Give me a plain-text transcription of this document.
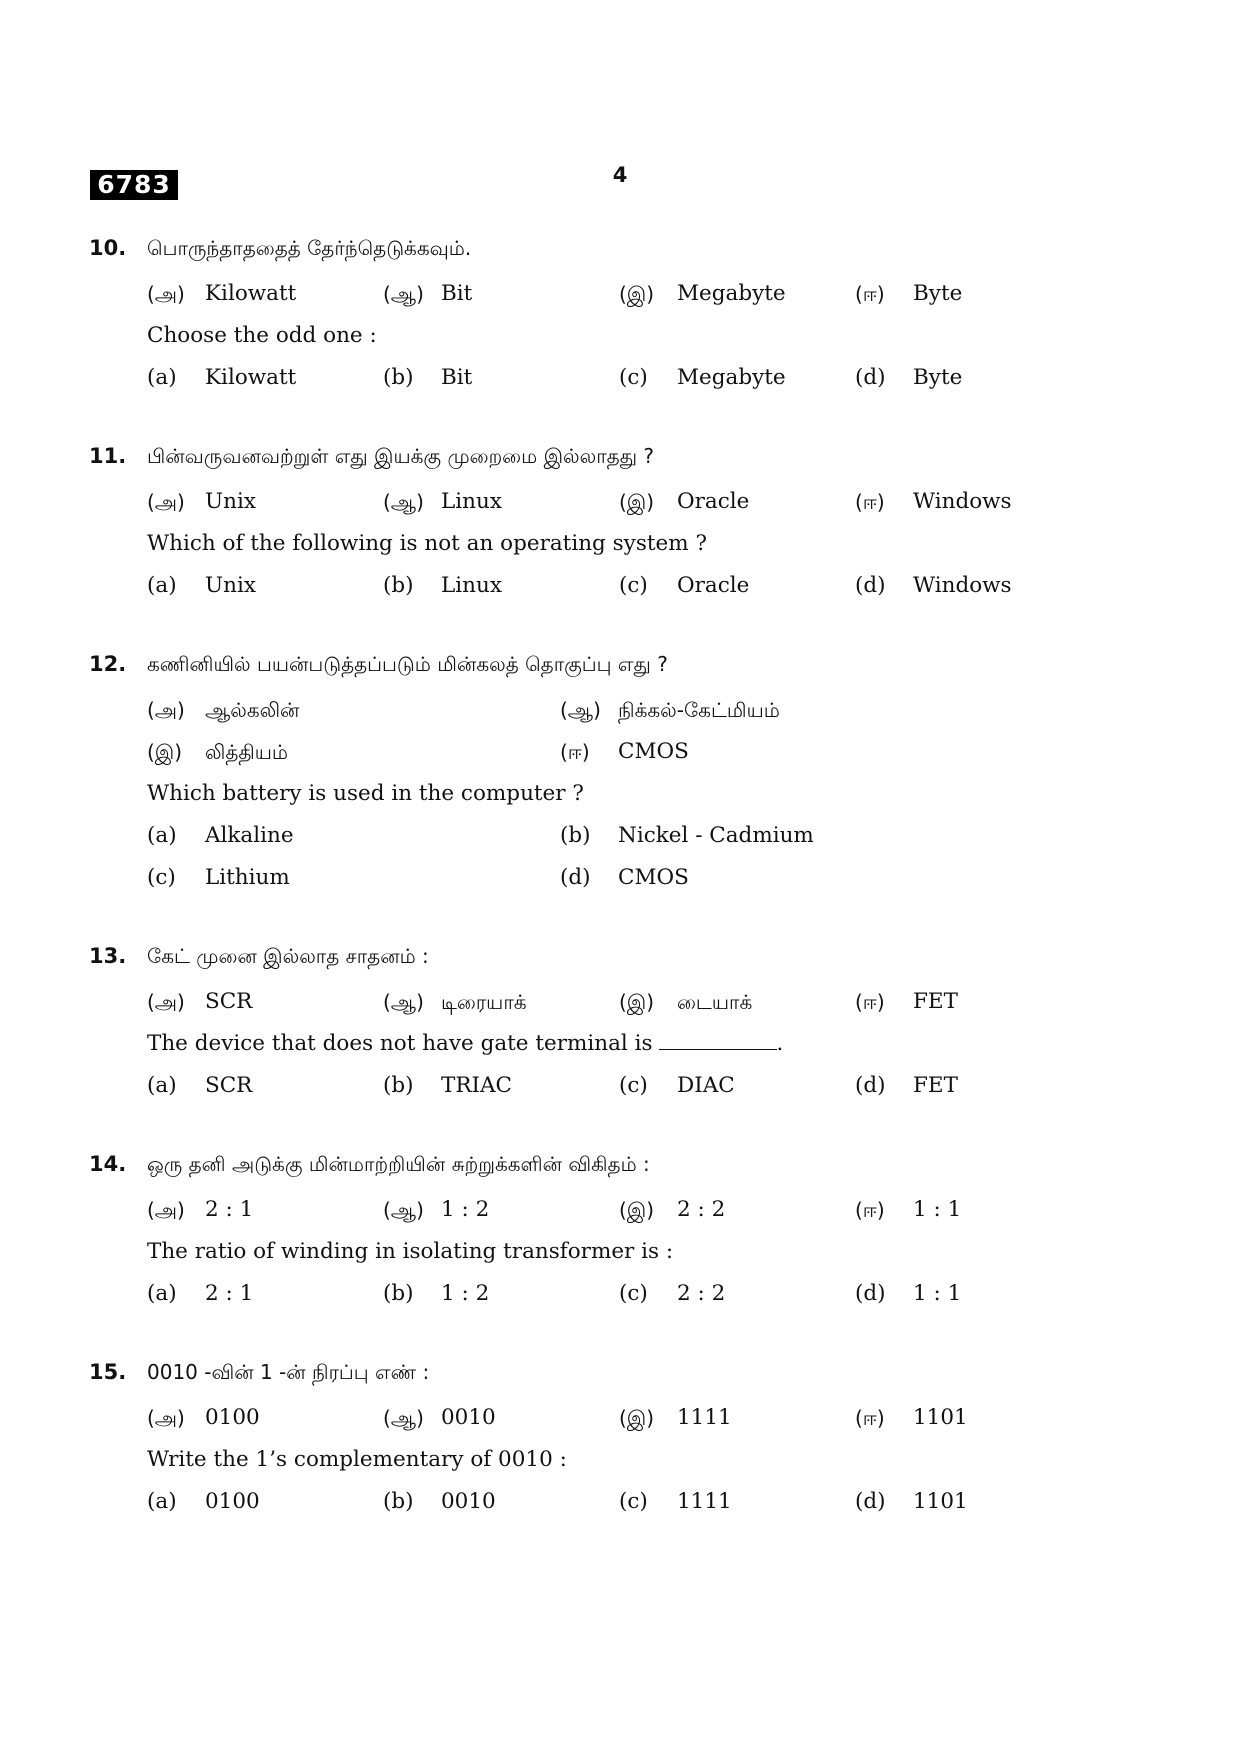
6783	4
10. பொருந்தாததைத் தேர்ந்தெடுக்கவும்.
(அ) Kilowatt	(ஆ) Bit	(இ) Megabyte	(ஈ) Byte
Choose the odd one :
(a) Kilowatt	(b) Bit	(c) Megabyte	(d) Byte
11. பின்வருவனவற்றுள் எது இயக்கு முறைமை இல்லாதது ?
(அ) Unix	(ஆ) Linux	(இ) Oracle	(ஈ) Windows
Which of the following is not an operating system ?
(a) Unix	(b) Linux	(c) Oracle	(d) Windows
12. கணினியில் பயன்படுத்தப்படும் மின்கலத் தொகுப்பு எது ?
(அ) ஆல்கலின்	(ஆ) நிக்கல்-கேட்மியம்
(இ) லித்தியம்	(ஈ) CMOS
Which battery is used in the computer ?
(a) Alkaline	(b) Nickel - Cadmium
(c) Lithium	(d) CMOS
13. கேட் முனை இல்லாத சாதனம் :
(அ) SCR	(ஆ) டிரையாக்	(இ) டையாக்	(ஈ) FET
The device that does not have gate terminal is	.
(a) SCR	(b) TRIAC	(c) DIAC	(d) FET
14. ஒரு தனி அடுக்கு மின்மாற்றியின் சுற்றுக்களின் விகிதம் :
(அ) 2 : 1	(ஆ) 1 : 2	(இ) 2 : 2	(ஈ) 1 : 1
The ratio of winding in isolating transformer is :
(a) 2 : 1	(b) 1 : 2	(c) 2 : 2	(d) 1 : 1
15. 0010 -வின் 1 -ன் நிரப்பு எண் :
(அ) 0100	(ஆ) 0010	(இ) 1111	(ஈ) 1101
Write the 1’s complementary of 0010 :
(a) 0100	(b) 0010	(c) 1111	(d) 1101
